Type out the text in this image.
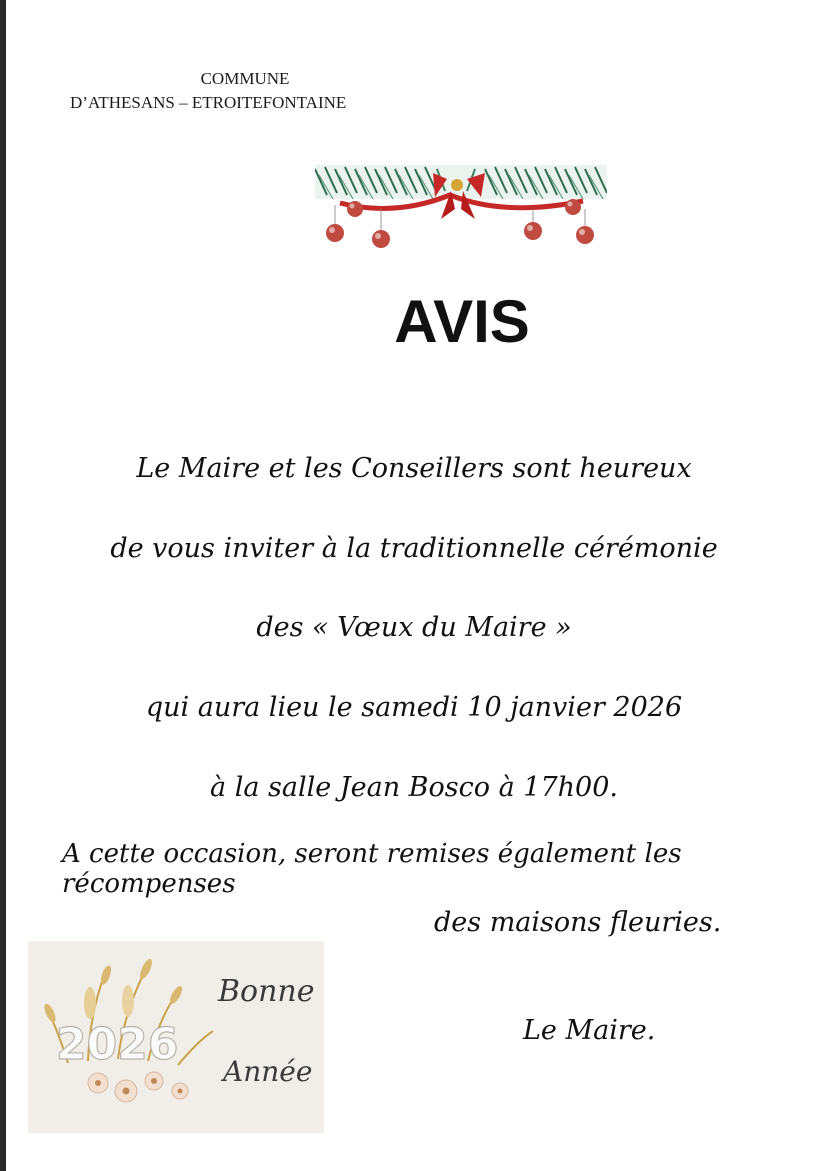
COMMUNE
D’ATHESANS – ETROITEFONTAINE
AVIS
Le Maire et les Conseillers sont heureux
de vous inviter à la traditionnelle cérémonie
des « Vœux du Maire »
qui aura lieu le samedi 10 janvier 2026
à la salle Jean Bosco à 17h00.
A cette occasion, seront remises également les récompenses
des maisons fleuries.
2026
Bonne
Année
Le Maire.
